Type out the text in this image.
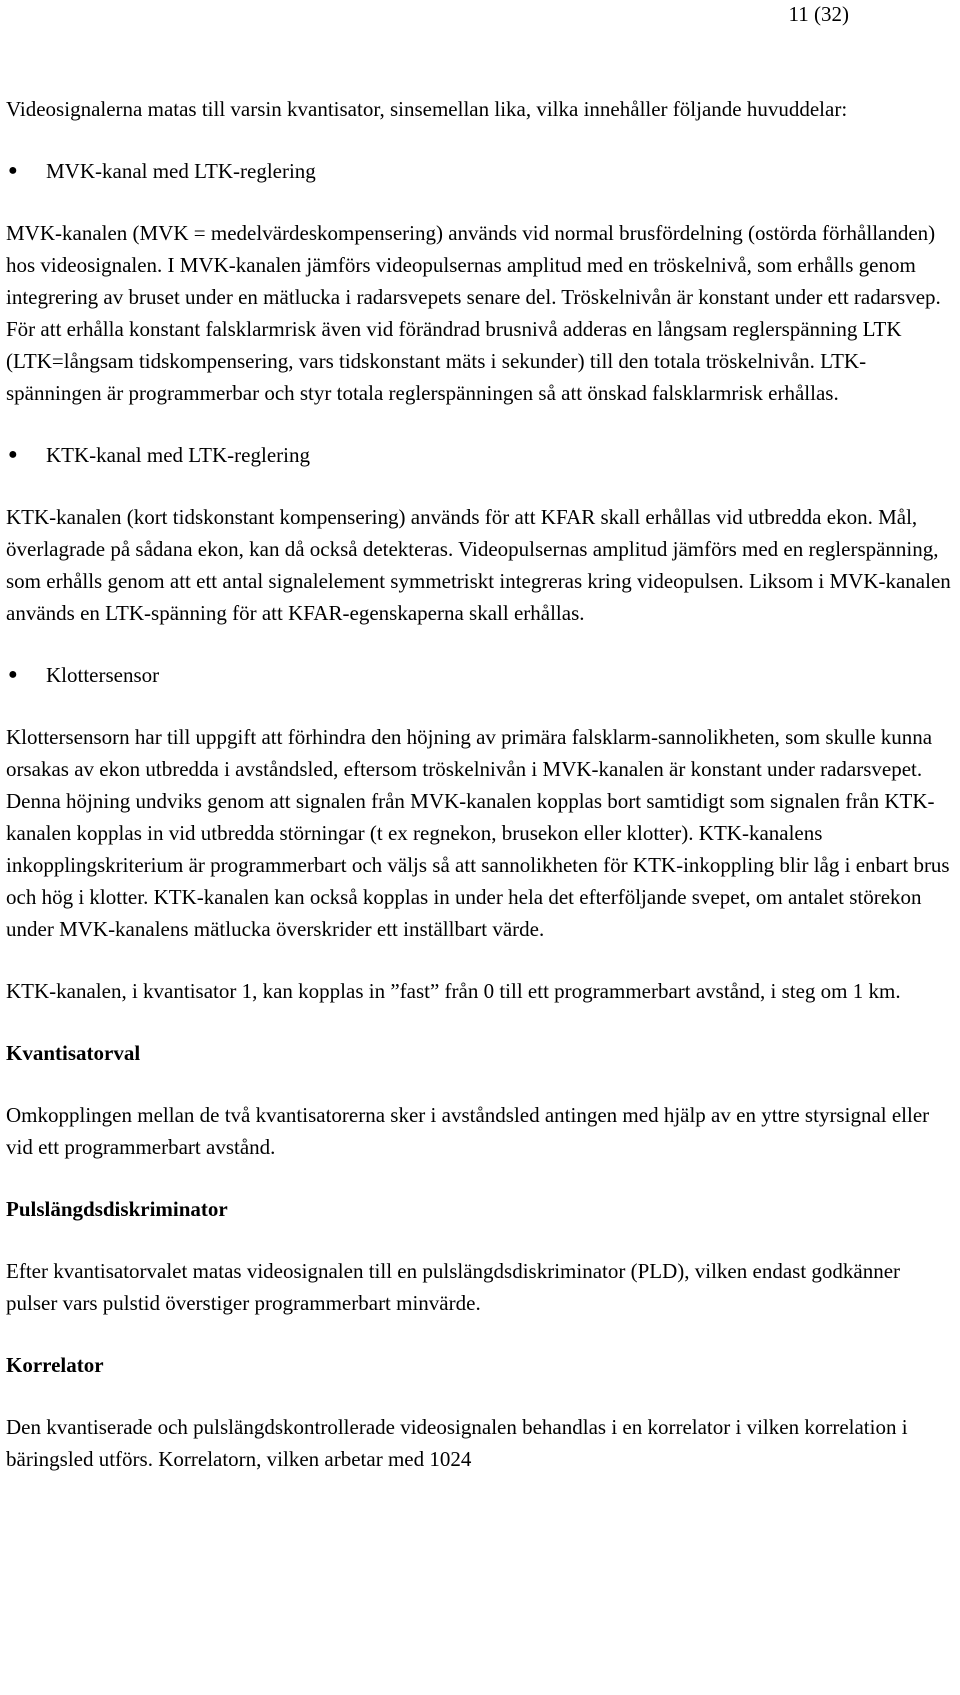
11 (32)

Videosignalerna matas till varsin kvantisator, sinsemellan lika, vilka innehåller följande huvuddelar:

● MVK-kanal med LTK-reglering

MVK-kanalen (MVK = medelvärdeskompensering) används vid normal brusfördelning (ostörda förhållanden) hos videosignalen. I MVK-kanalen jämförs videopulsernas amplitud med en tröskelnivå, som erhålls genom integrering av bruset under en mätlucka i radarsvepets senare del. Tröskelnivån är konstant under ett radarsvep. För att erhålla konstant falsklarmrisk även vid förändrad brusnivå adderas en långsam reglerspänning LTK (LTK=långsam tidskompensering, vars tidskonstant mäts i sekunder) till den totala tröskelnivån. LTK-spänningen är programmerbar och styr totala reglerspänningen så att önskad falsklarmrisk erhållas.

● KTK-kanal med LTK-reglering

KTK-kanalen (kort tidskonstant kompensering) används för att KFAR skall erhållas vid utbredda ekon. Mål, överlagrade på sådana ekon, kan då också detekteras. Videopulsernas amplitud jämförs med en reglerspänning, som erhålls genom att ett antal signalelement symmetriskt integreras kring videopulsen. Liksom i MVK-kanalen används en LTK-spänning för att KFAR-egenskaperna skall erhållas.

● Klottersensor

Klottersensorn har till uppgift att förhindra den höjning av primära falsklarm-sannolikheten, som skulle kunna orsakas av ekon utbredda i avståndsled, eftersom tröskelnivån i MVK-kanalen är konstant under radarsvepet. Denna höjning undviks genom att signalen från MVK-kanalen kopplas bort samtidigt som signalen från KTK-kanalen kopplas in vid utbredda störningar (t ex regnekon, brusekon eller klotter). KTK-kanalens inkopplingskriterium är programmerbart och väljs så att sannolikheten för KTK-inkoppling blir låg i enbart brus och hög i klotter. KTK-kanalen kan också kopplas in under hela det efterföljande svepet, om antalet störekon under MVK-kanalens mätlucka överskrider ett inställbart värde.

KTK-kanalen, i kvantisator 1, kan kopplas in ”fast” från 0 till ett programmerbart avstånd, i steg om 1 km.

Kvantisatorval

Omkopplingen mellan de två kvantisatorerna sker i avståndsled antingen med hjälp av en yttre styrsignal eller vid ett programmerbart avstånd.

Pulslängdsdiskriminator

Efter kvantisatorvalet matas videosignalen till en pulslängdsdiskriminator (PLD), vilken endast godkänner pulser vars pulstid överstiger programmerbart minvärde.

Korrelator

Den kvantiserade och pulslängdskontrollerade videosignalen behandlas i en korrelator i vilken korrelation i bäringsled utförs. Korrelatorn, vilken arbetar med 1024
